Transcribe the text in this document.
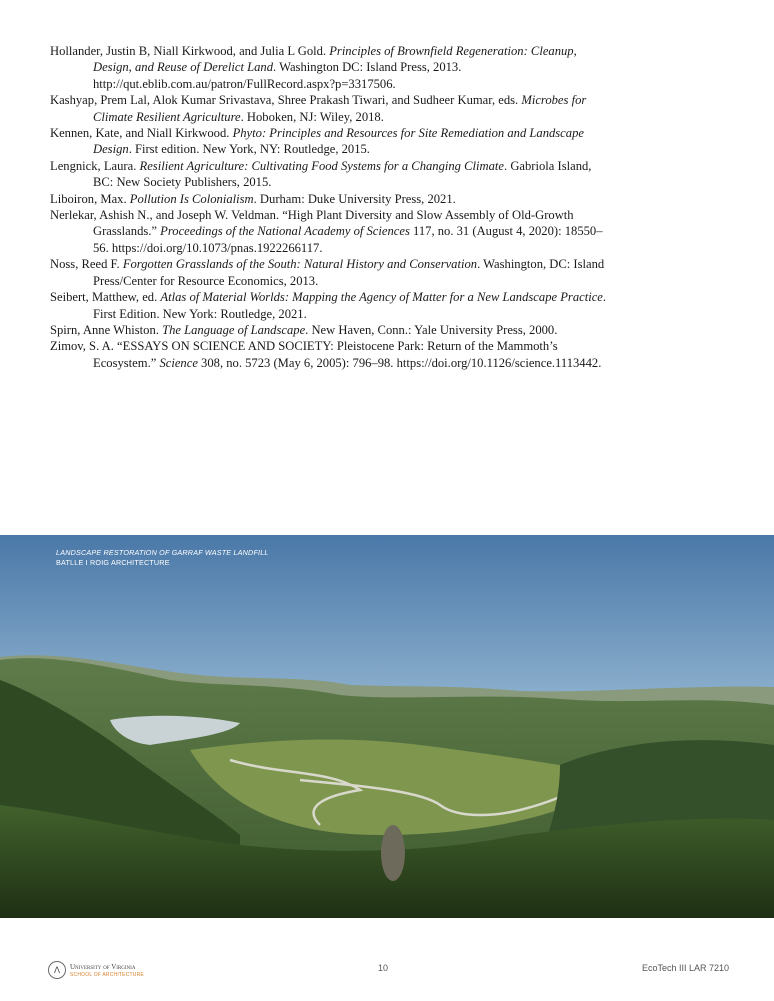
Hollander, Justin B, Niall Kirkwood, and Julia L Gold. Principles of Brownfield Regeneration: Cleanup, Design, and Reuse of Derelict Land. Washington DC: Island Press, 2013. http://qut.eblib.com.au/patron/FullRecord.aspx?p=3317506.

Kashyap, Prem Lal, Alok Kumar Srivastava, Shree Prakash Tiwari, and Sudheer Kumar, eds. Microbes for Climate Resilient Agriculture. Hoboken, NJ: Wiley, 2018.

Kennen, Kate, and Niall Kirkwood. Phyto: Principles and Resources for Site Remediation and Landscape Design. First edition. New York, NY: Routledge, 2015.

Lengnick, Laura. Resilient Agriculture: Cultivating Food Systems for a Changing Climate. Gabriola Island, BC: New Society Publishers, 2015.

Liboiron, Max. Pollution Is Colonialism. Durham: Duke University Press, 2021.

Nerlekar, Ashish N., and Joseph W. Veldman. “High Plant Diversity and Slow Assembly of Old-Growth Grasslands.” Proceedings of the National Academy of Sciences 117, no. 31 (August 4, 2020): 18550–56. https://doi.org/10.1073/pnas.1922266117.

Noss, Reed F. Forgotten Grasslands of the South: Natural History and Conservation. Washington, DC: Island Press/Center for Resource Economics, 2013.

Seibert, Matthew, ed. Atlas of Material Worlds: Mapping the Agency of Matter for a New Landscape Practice. First Edition. New York: Routledge, 2021.

Spirn, Anne Whiston. The Language of Landscape. New Haven, Conn.: Yale University Press, 2000.

Zimov, S. A. “ESSAYS ON SCIENCE AND SOCIETY: Pleistocene Park: Return of the Mammoth’s Ecosystem.” Science 308, no. 5723 (May 6, 2005): 796–98. https://doi.org/10.1126/science.1113442.

LANDSCAPE RESTORATION OF GARRAF WASTE LANDFILL
BATLLE I ROIG ARCHITECTURE
Λ	University of Virginia
SCHOOL OF ARCHITECTURE
10	EcoTech III LAR 7210
